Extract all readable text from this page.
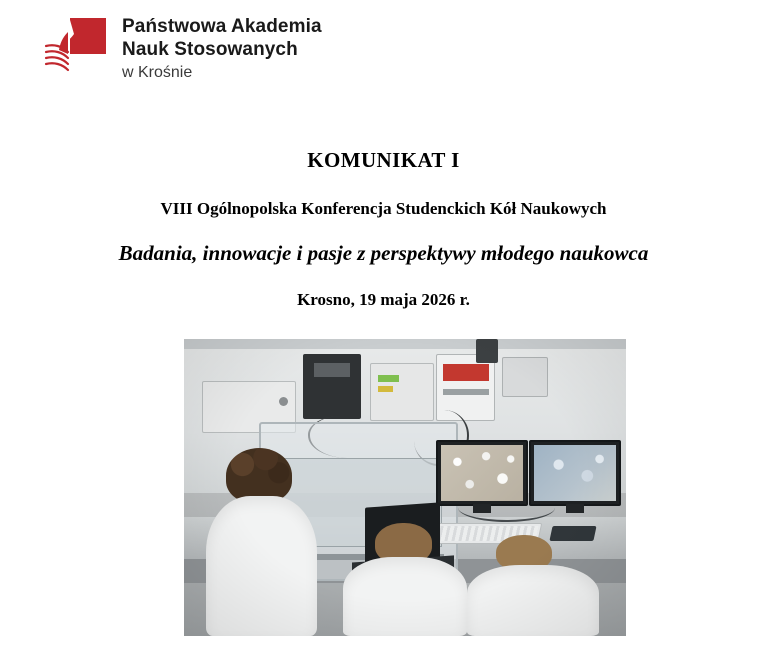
Państwowa Akademia
Nauk Stosowanych
w Krośnie
KOMUNIKAT I
VIII Ogólnopolska Konferencja Studenckich Kół Naukowych
Badania, innowacje i pasje z perspektywy młodego naukowca

Krosno, 19 maja 2026 r.
